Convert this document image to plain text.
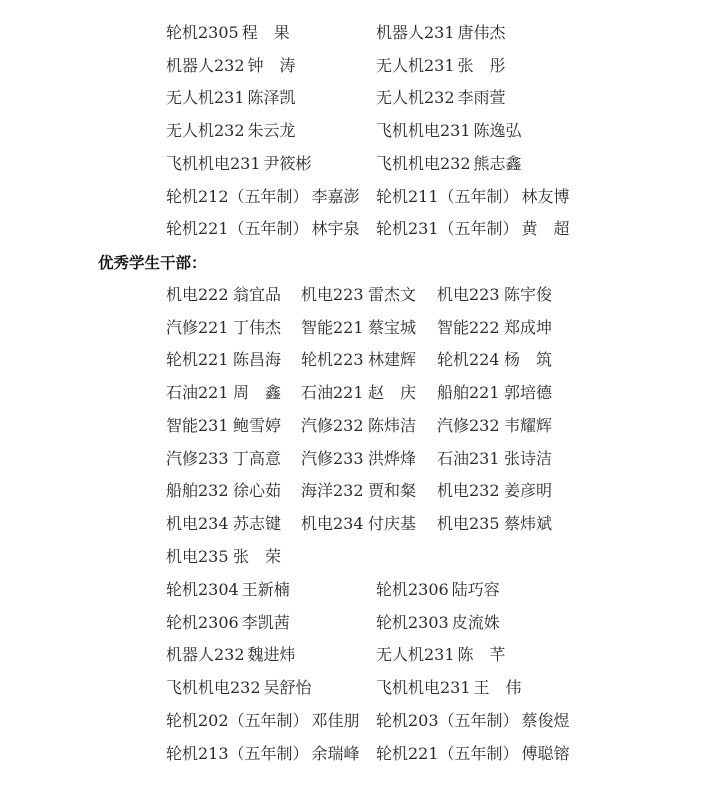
轮机2305 程　果	机器人231 唐伟杰
机器人232 钟　涛	无人机231 张　彤
无人机231 陈泽凯	无人机232 李雨萱
无人机232 朱云龙	飞机机电231 陈逸弘
飞机机电231 尹筱彬	飞机机电232 熊志鑫
轮机212（五年制） 李嘉澎 轮机211（五年制） 林友博
轮机221（五年制） 林宇泉 轮机231（五年制） 黄　超
优秀学生干部：
机电222 翁宜品 机电223 雷杰文 机电223 陈宇俊
汽修221 丁伟杰 智能221 蔡宝城 智能222 郑成坤
轮机221 陈昌海 轮机223 林建辉 轮机224 杨　筑
石油221 周　鑫 石油221 赵　庆 船舶221 郭培德
智能231 鲍雪婷 汽修232 陈炜洁 汽修232 韦耀辉
汽修233 丁高意 汽修233 洪烨烽 石油231 张诗洁
船舶232 徐心茹 海洋232 贾和粲 机电232 姜彦明
机电234 苏志键 机电234 付庆基 机电235 蔡炜斌
机电235 张　荣
轮机2304 王新楠	轮机2306 陆巧容
轮机2306 李凯茜	轮机2303 皮流姝
机器人232 魏进炜	无人机231 陈　芊
飞机机电232 吴舒怡	飞机机电231 王　伟
轮机202（五年制） 邓佳朋 轮机203（五年制） 蔡俊煜
轮机213（五年制） 余瑞峰 轮机221（五年制） 傅聪镕
